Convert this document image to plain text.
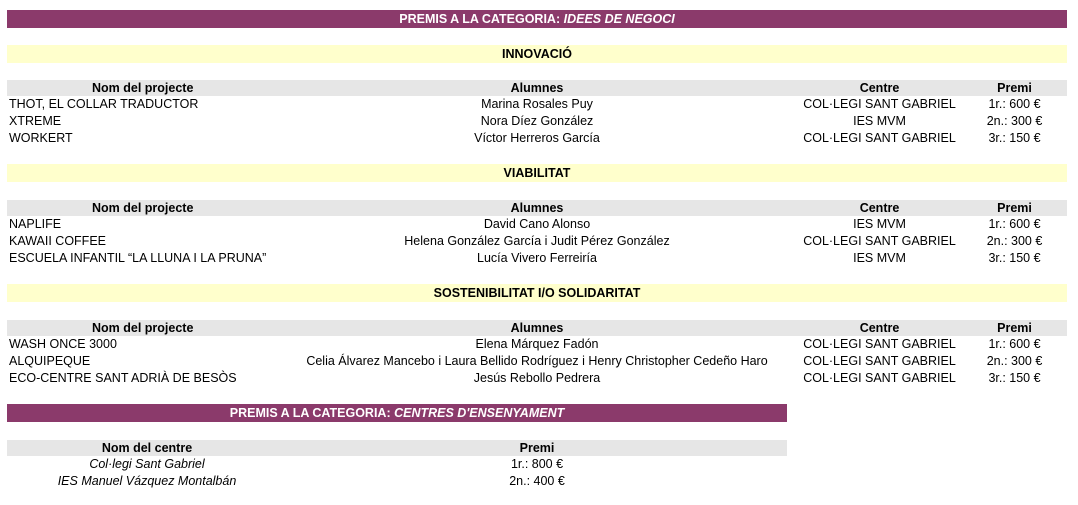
PREMIS A LA CATEGORIA: IDEES DE NEGOCI
INNOVACIÓ
Nom del projecte	Alumnes	Centre	Premi
THOT, EL COLLAR TRADUCTOR	Marina Rosales Puy	COL·LEGI SANT GABRIEL	1r.: 600 €
XTREME	Nora Díez González	IES MVM	2n.: 300 €
WORKERT	Víctor Herreros García	COL·LEGI SANT GABRIEL	3r.: 150 €
VIABILITAT
Nom del projecte	Alumnes	Centre	Premi
NAPLIFE	David Cano Alonso	IES MVM	1r.: 600 €
KAWAII COFFEE	Helena González García i Judit Pérez González	COL·LEGI SANT GABRIEL	2n.: 300 €
ESCUELA INFANTIL “LA LLUNA I LA PRUNA”	Lucía Vivero Ferreiría	IES MVM	3r.: 150 €
SOSTENIBILITAT I/O SOLIDARITAT
Nom del projecte	Alumnes	Centre	Premi
WASH ONCE 3000	Elena Márquez Fadón	COL·LEGI SANT GABRIEL	1r.: 600 €
ALQUIPEQUE	Celia Álvarez Mancebo i Laura Bellido Rodríguez i Henry Christopher Cedeño Haro	COL·LEGI SANT GABRIEL	2n.: 300 €
ECO-CENTRE SANT ADRIÀ DE BESÒS	Jesús Rebollo Pedrera	COL·LEGI SANT GABRIEL	3r.: 150 €
PREMIS A LA CATEGORIA: CENTRES D'ENSENYAMENT
Nom del centre	Premi
Col·legi Sant Gabriel	1r.: 800 €
IES Manuel Vázquez Montalbán	2n.: 400 €
